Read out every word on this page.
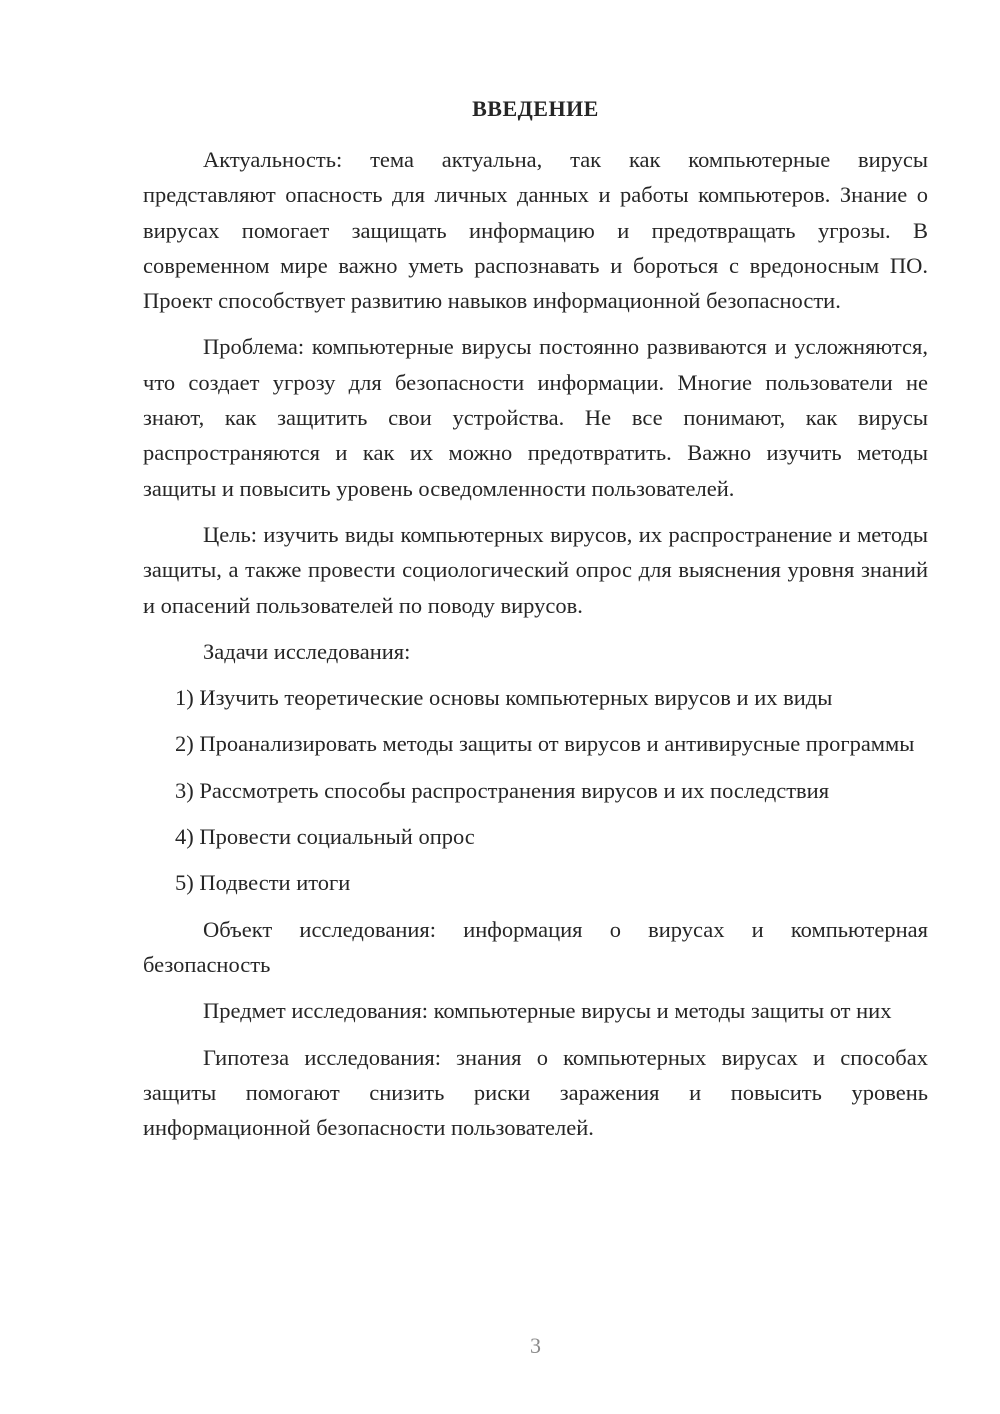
ВВЕДЕНИЕ

Актуальность: тема актуальна, так как компьютерные вирусы представляют опасность для личных данных и работы компьютеров. Знание о вирусах помогает защищать информацию и предотвращать угрозы. В современном мире важно уметь распознавать и бороться с вредоносным ПО. Проект способствует развитию навыков информационной безопасности.

Проблема: компьютерные вирусы постоянно развиваются и усложняются, что создает угрозу для безопасности информации. Многие пользователи не знают, как защитить свои устройства. Не все понимают, как вирусы распространяются и как их можно предотвратить. Важно изучить методы защиты и повысить уровень осведомленности пользователей.

Цель: изучить виды компьютерных вирусов, их распространение и методы защиты, а также провести социологический опрос для выяснения уровня знаний и опасений пользователей по поводу вирусов.

Задачи исследования:

1) Изучить теоретические основы компьютерных вирусов и их виды

2) Проанализировать методы защиты от вирусов и антивирусные программы

3) Рассмотреть способы распространения вирусов и их последствия

4) Провести социальный опрос

5) Подвести итоги

Объект исследования: информация о вирусах и компьютерная безопасность

Предмет исследования: компьютерные вирусы и методы защиты от них

Гипотеза исследования: знания о компьютерных вирусах и способах защиты помогают снизить риски заражения и повысить уровень информационной безопасности пользователей.

3
